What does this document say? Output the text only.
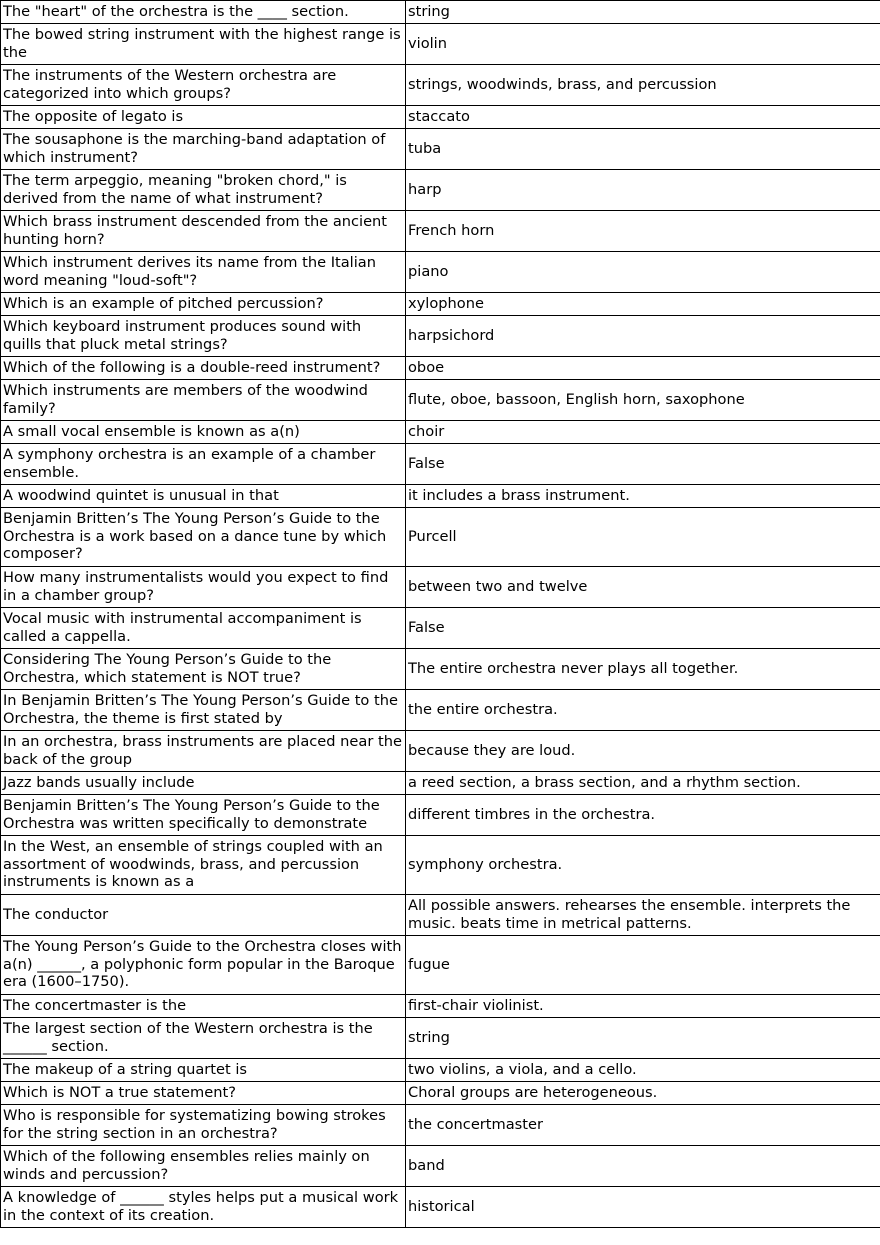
The "heart" of the orchestra is the ____ section.	string
The bowed string instrument with the highest range is the	violin
The instruments of the Western orchestra are categorized into which groups?	strings, woodwinds, brass, and percussion
The opposite of legato is	staccato
The sousaphone is the marching-band adaptation of which instrument?	tuba
The term arpeggio, meaning "broken chord," is derived from the name of what instrument?	harp
Which brass instrument descended from the ancient hunting horn?	French horn
Which instrument derives its name from the Italian word meaning "loud-soft"?	piano
Which is an example of pitched percussion?	xylophone
Which keyboard instrument produces sound with quills that pluck metal strings?	harpsichord
Which of the following is a double-reed instrument?	oboe
Which instruments are members of the woodwind family?	flute, oboe, bassoon, English horn, saxophone
A small vocal ensemble is known as a(n)	choir
A symphony orchestra is an example of a chamber ensemble.	False
A woodwind quintet is unusual in that	it includes a brass instrument.
Benjamin Britten’s The Young Person’s Guide to the Orchestra is a work based on a dance tune by which composer?	Purcell
How many instrumentalists would you expect to find in a chamber group?	between two and twelve
Vocal music with instrumental accompaniment is called a cappella.	False
Considering The Young Person’s Guide to the Orchestra, which statement is NOT true?	The entire orchestra never plays all together.
In Benjamin Britten’s The Young Person’s Guide to the Orchestra, the theme is first stated by	the entire orchestra.
In an orchestra, brass instruments are placed near the back of the group	because they are loud.
Jazz bands usually include	a reed section, a brass section, and a rhythm section.
Benjamin Britten’s The Young Person’s Guide to the Orchestra was written specifically to demonstrate	different timbres in the orchestra.
In the West, an ensemble of strings coupled with an assortment of woodwinds, brass, and percussion instruments is known as a	symphony orchestra.
The conductor	All possible answers. rehearses the ensemble. interprets the music. beats time in metrical patterns.
The Young Person’s Guide to the Orchestra closes with a(n) ______, a polyphonic form popular in the Baroque era (1600–1750).	fugue
The concertmaster is the	first-chair violinist.
The largest section of the Western orchestra is the ______ section.	string
The makeup of a string quartet is	two violins, a viola, and a cello.
Which is NOT a true statement?	Choral groups are heterogeneous.
Who is responsible for systematizing bowing strokes for the string section in an orchestra?	the concertmaster
Which of the following ensembles relies mainly on winds and percussion?	band
A knowledge of ______ styles helps put a musical work in the context of its creation.	historical
